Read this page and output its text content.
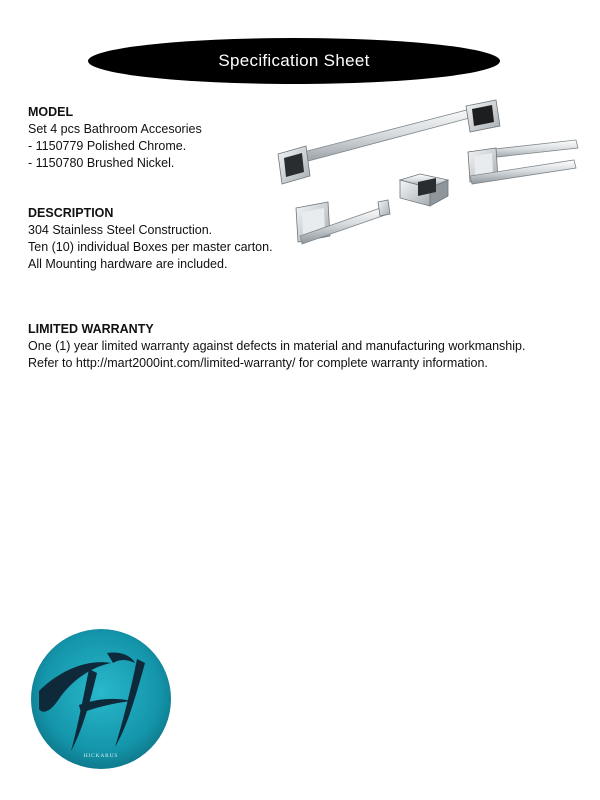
Specification Sheet
MODEL

Set 4 pcs Bathroom Accesories

- 1150779 Polished Chrome.

- 1150780 Brushed Nickel.

DESCRIPTION

304 Stainless Steel Construction.

Ten (10) individual Boxes per master carton.

All Mounting hardware are included.

LIMITED WARRANTY

One (1) year limited warranty against defects in material and manufacturing workmanship.

Refer to http://mart2000int.com/limited-warranty/ for complete warranty information.

HICKARUS
